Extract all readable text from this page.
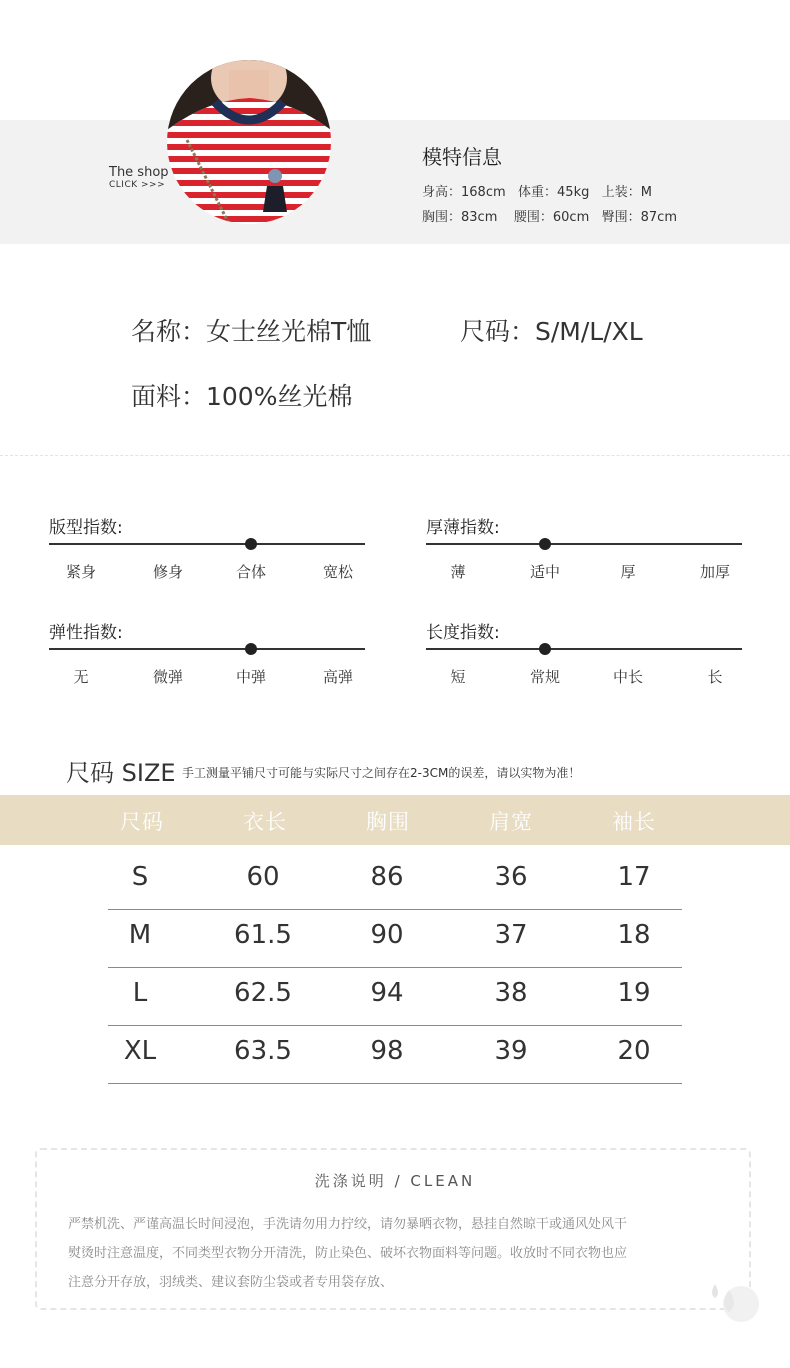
The shop
CLICK >>>
模特信息
身高：168cm   体重：45kg   上装：M
胸围：83cm    腰围：60cm   臀围：87cm
名称：女士丝光棉T恤	尺码：S/M/L/XL
面料：100%丝光棉
版型指数:
紧身	修身	合体	宽松
厚薄指数:
薄	适中	厚	加厚
弹性指数:
无	微弹	中弹	高弹
长度指数:
短	常规	中长	长
尺码 SIZE 手工测量平铺尺寸可能与实际尺寸之间存在2-3CM的误差，请以实物为准！
尺码	衣长	胸围	肩宽	袖长
S	60	86	36	17
M	61.5	90	37	18
L	62.5	94	38	19
XL	63.5	98	39	20
洗涤说明 / CLEAN
严禁机洗、严谨高温长时间浸泡，手洗请勿用力拧绞，请勿暴晒衣物，悬挂自然晾干或通风处风干
熨烫时注意温度，不同类型衣物分开清洗，防止染色、破坏衣物面料等问题。收放时不同衣物也应
注意分开存放，羽绒类、建议套防尘袋或者专用袋存放、
